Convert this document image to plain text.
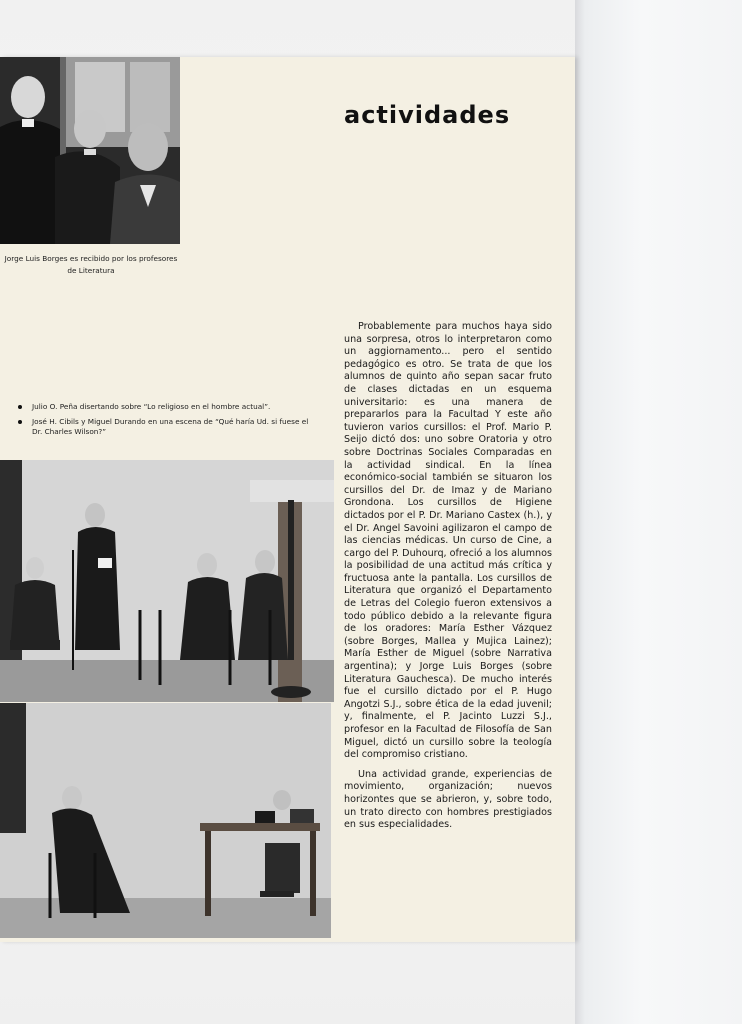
actividades
Jorge Luis Borges es recibido por los profesores de Literatura
Julio O. Peña disertando sobre “Lo religioso en el hombre actual”.
José H. Cibils y Miguel Durando en una escena de “Qué haría Ud. si fuese el Dr. Charles Wilson?”

Probablemente para muchos haya sido una sorpresa, otros lo interpretaron como un aggiornamento... pero el sentido pedagógico es otro. Se trata de que los alumnos de quinto año sepan sacar fruto de clases dictadas en un esquema universitario: es una manera de prepararlos para la Facultad Y este año tuvieron varios cursillos: el Prof. Mario P. Seijo dictó dos: uno sobre Oratoria y otro sobre Doctrinas Sociales Comparadas en la actividad sindical. En la línea económico-social también se situaron los cursillos del Dr. de Imaz y de Mariano Grondona. Los cursillos de Higiene dictados por el P. Dr. Mariano Castex (h.), y el Dr. Angel Savoini agilizaron el campo de las ciencias médicas. Un curso de Cine, a cargo del P. Duhourq, ofreció a los alumnos la posibilidad de una actitud más crítica y fructuosa ante la pantalla. Los cursillos de Literatura que organizó el Departamento de Letras del Colegio fueron extensivos a todo público debido a la relevante figura de los oradores: María Esther Vázquez (sobre Borges, Mallea y Mujica Lainez); María Esther de Miguel (sobre Narrativa argentina); y Jorge Luis Borges (sobre Literatura Gauchesca). De mucho interés fue el cursillo dictado por el P. Hugo Angotzi S.J., sobre ética de la edad juvenil; y, finalmente, el P. Jacinto Luzzi S.J., profesor en la Facultad de Filosofía de San Miguel, dictó un cursillo sobre la teología del compromiso cristiano.

Una actividad grande, experiencias de movimiento, organización; nuevos horizontes que se abrieron, y, sobre todo, un trato directo con hombres prestigiados en sus especialidades.
